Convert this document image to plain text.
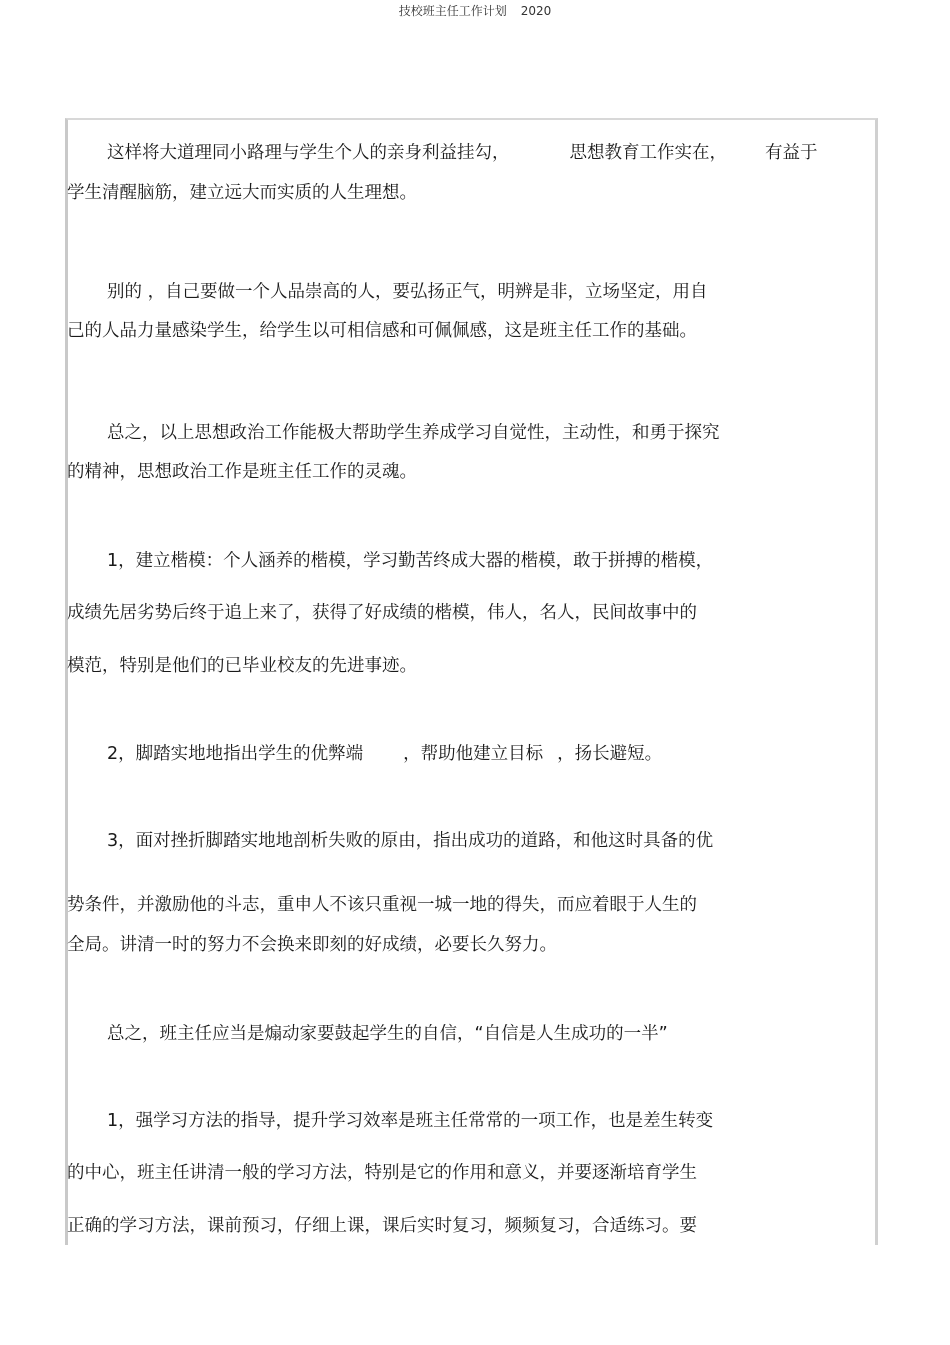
技校班主任工作计划 2020
这样将大道理同小路理与学生个人的亲身利益挂勾，	思想教育工作实在， 有益于
学生清醒脑筋，建立远大而实质的人生理想。
别的 ，自己要做一个人品崇高的人，要弘扬正气，明辨是非，立场坚定，用自
己的人品力量感染学生，给学生以可相信感和可佩佩感，这是班主任工作的基础。
总之，以上思想政治工作能极大帮助学生养成学习自觉性，主动性，和勇于探究
的精神，思想政治工作是班主任工作的灵魂。
1，建立楷模：个人涵养的楷模，学习勤苦终成大器的楷模，敢于拼搏的楷模，
成绩先居劣势后终于追上来了，获得了好成绩的楷模，伟人，名人，民间故事中的
模范，特别是他们的已毕业校友的先进事迹。
2，脚踏实地地指出学生的优弊端 ，帮助他建立目标 ，扬长避短。
3，面对挫折脚踏实地地剖析失败的原由，指出成功的道路，和他这时具备的优
势条件，并激励他的斗志，重申人不该只重视一城一地的得失，而应着眼于人生的
全局。讲清一时的努力不会换来即刻的好成绩，必要长久努力。
总之，班主任应当是煽动家要鼓起学生的自信，“自信是人生成功的一半”
1，强学习方法的指导，提升学习效率是班主任常常的一项工作，也是差生转变
的中心，班主任讲清一般的学习方法，特别是它的作用和意义，并要逐渐培育学生
正确的学习方法，课前预习，仔细上课，课后实时复习，频频复习，合适练习。要
